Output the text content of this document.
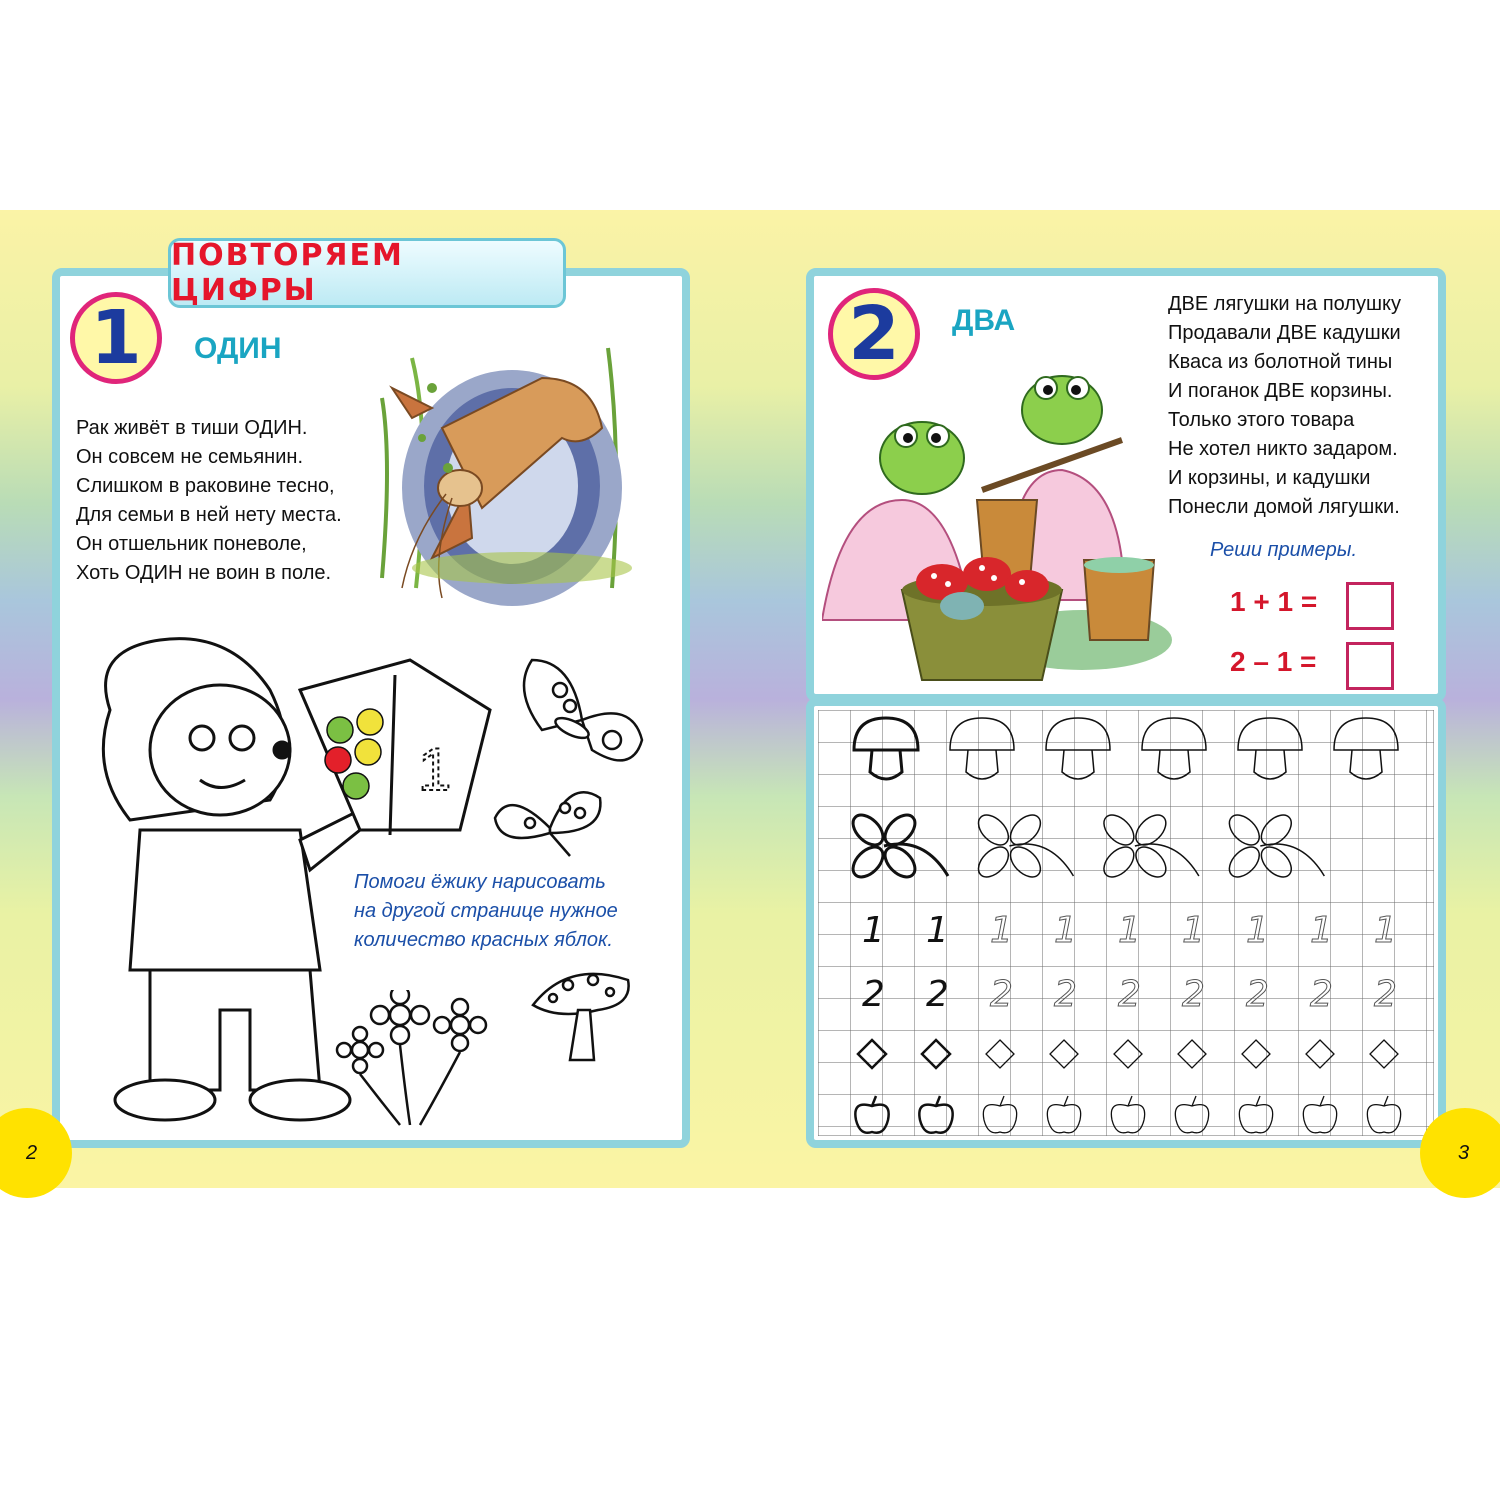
ПОВТОРЯЕМ ЦИФРЫ
1 ОДИН
Рак живёт в тиши ОДИН.
Он совсем не семьянин.
Слишком в раковине тесно,
Для семьи в ней нету места.
Он отшельник поневоле,
Хоть ОДИН не воин в поле.
1
Помоги ёжику нарисовать
на другой странице нужное
количество красных яблок.
2 ДВА	ДВЕ лягушки на полушку
Продавали ДВЕ кадушки
Кваса из болотной тины
И поганок ДВЕ корзины.
Только этого товара
Не хотел никто задаром.
И корзины, и кадушки
Понесли домой лягушки.
Реши примеры.
1 + 1 =
2 – 1 =
1 1 1 1 1 1 1 1 1
2 2 2 2 2 2 2 2 2
2	3
